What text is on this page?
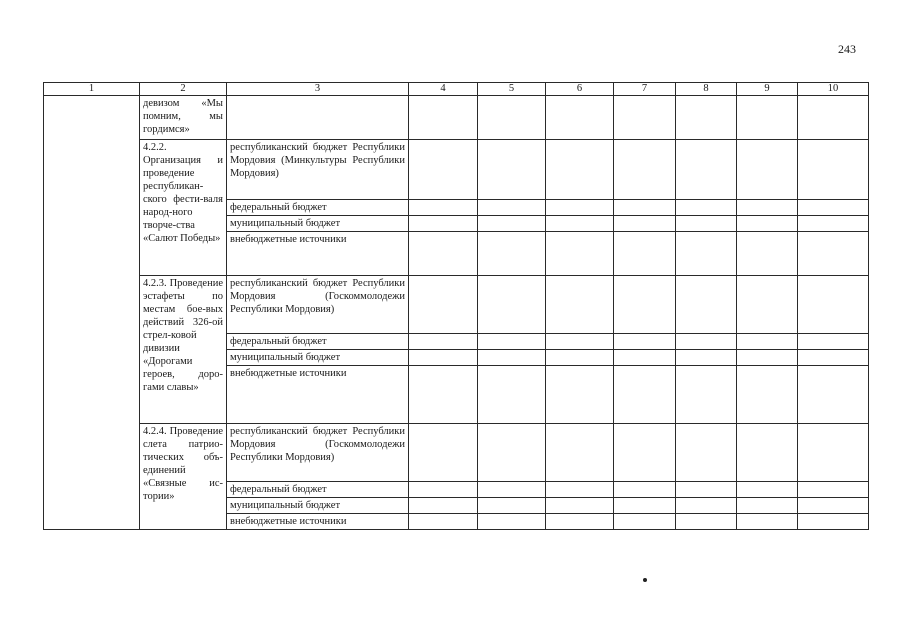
243
1	2	3	4	5	6	7	8	9	10
	девизом «Мы помним, мы гордимся»								
	4.2.2. Организация и проведение республикан-ского фести-валя народ-ного творче-ства «Салют Победы»	республиканский бюджет Республики Мордовия (Минкультуры Республики Мордовия)							
		федеральный бюджет							
		муниципальный бюджет							
		внебюджетные источники							
	4.2.3. Проведение эстафеты по местам бое-вых действий 326-ой стрел-ковой дивизии «Дорогами героев, доро-гами славы»	республиканский бюджет Республики Мордовия (Госкоммолодежи Республики Мордовия)							
		федеральный бюджет							
		муниципальный бюджет							
		внебюджетные источники							
	4.2.4. Проведение слета патрио-тических объ-единений «Связные ис-тории»	республиканский бюджет Республики Мордовия (Госкоммолодежи Республики Мордовия)							
		федеральный бюджет							
		муниципальный бюджет							
		внебюджетные источники							
